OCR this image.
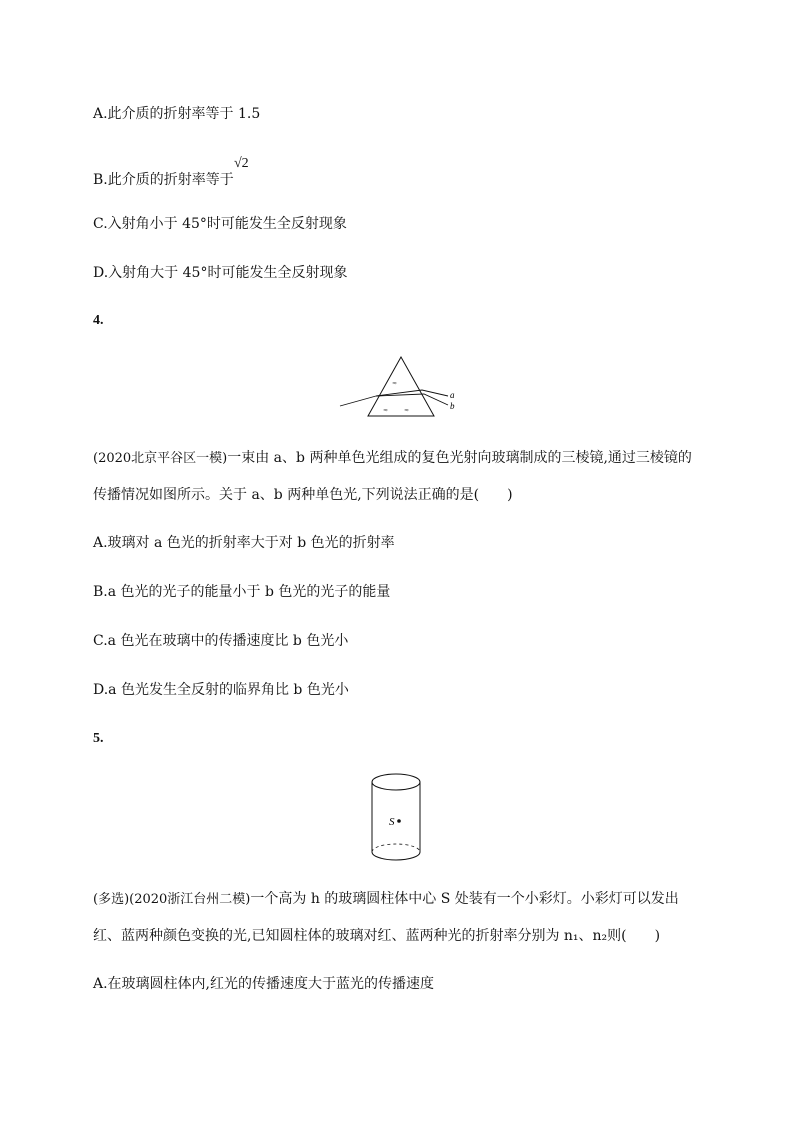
A.此介质的折射率等于 1.5
B.此介质的折射率等于
√2
C.入射角小于 45°时可能发生全反射现象
D.入射角大于 45°时可能发生全反射现象
4.
a
b
≈
≈	≈
(2020北京平谷区一模)一束由 a、b 两种单色光组成的复色光射向玻璃制成的三棱镜,通过三棱镜的
传播情况如图所示。关于 a、b 两种单色光,下列说法正确的是(　　)
A.玻璃对 a 色光的折射率大于对 b 色光的折射率
B.a 色光的光子的能量小于 b 色光的光子的能量
C.a 色光在玻璃中的传播速度比 b 色光小
D.a 色光发生全反射的临界角比 b 色光小
5.
S
(多选)(2020浙江台州二模)一个高为 h 的玻璃圆柱体中心 S 处装有一个小彩灯。小彩灯可以发出
红、蓝两种颜色变换的光,已知圆柱体的玻璃对红、蓝两种光的折射率分别为 n₁、n₂则(　　)
A.在玻璃圆柱体内,红光的传播速度大于蓝光的传播速度
